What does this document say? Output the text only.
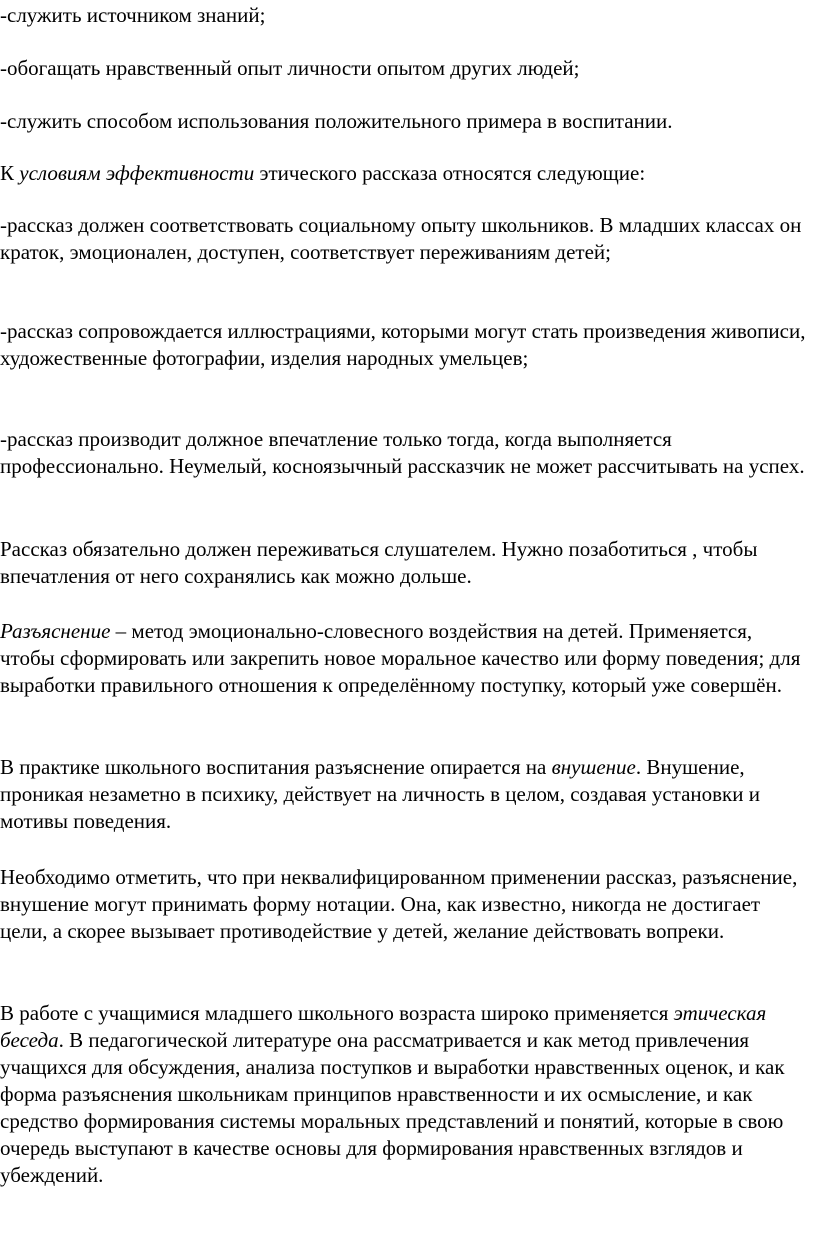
-служить источником знаний;

-обогащать нравственный опыт личности опытом других людей;

-служить способом использования положительного примера в воспитании.

К условиям эффективности этического рассказа относятся следующие:

-рассказ должен соответствовать социальному опыту школьников. В младших классах он краток, эмоционален, доступен, соответствует переживаниям детей;

-рассказ сопровождается иллюстрациями, которыми могут стать произведения живописи, художественные фотографии, изделия народных умельцев;

-рассказ производит должное впечатление только тогда, когда выполняется профессионально. Неумелый, косноязычный рассказчик не может рассчитывать на успех.

Рассказ обязательно должен переживаться слушателем. Нужно позаботиться , чтобы впечатления от него сохранялись как можно дольше.

Разъяснение – метод эмоционально-словесного воздействия на детей. Применяется, чтобы сформировать или закрепить новое моральное качество или форму поведения; для выработки правильного отношения к определённому поступку, который уже совершён.

В практике школьного воспитания разъяснение опирается на внушение. Внушение, проникая незаметно в психику, действует на личность в целом, создавая установки и мотивы поведения.

Необходимо отметить, что при неквалифицированном применении рассказ, разъяснение, внушение могут принимать форму нотации. Она, как известно, никогда не достигает цели, а скорее вызывает противодействие у детей, желание действовать вопреки.

В работе с учащимися младшего школьного возраста широко применяется этическая беседа. В педагогической литературе она рассматривается и как метод привлечения учащихся для обсуждения, анализа поступков и выработки нравственных оценок, и как форма разъяснения школьникам принципов нравственности и их осмысление, и как средство формирования системы моральных представлений и понятий, которые в свою очередь выступают в качестве основы для формирования нравственных взглядов и убеждений.
